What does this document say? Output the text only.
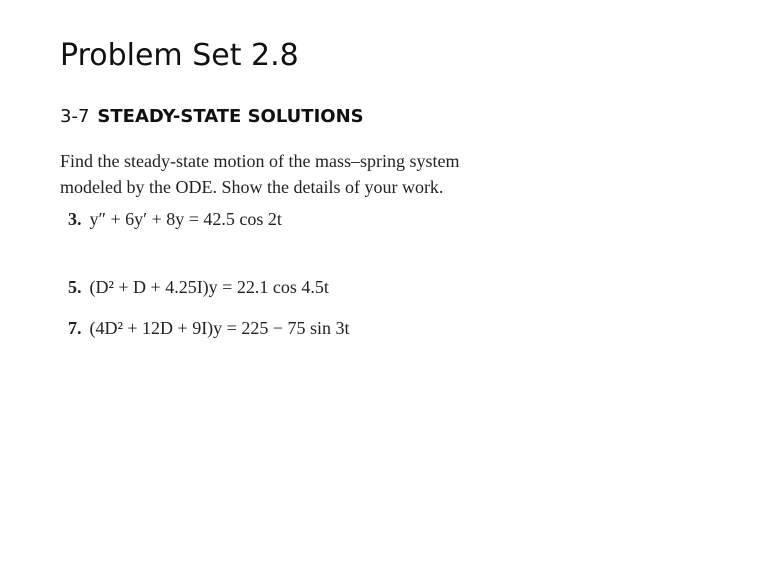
Problem Set 2.8
3-7 STEADY-STATE SOLUTIONS
Find the steady-state motion of the mass–spring system
modeled by the ODE. Show the details of your work.
3. y″ + 6y′ + 8y = 42.5 cos 2t
5. (D² + D + 4.25I)y = 22.1 cos 4.5t
7. (4D² + 12D + 9I)y = 225 − 75 sin 3t
